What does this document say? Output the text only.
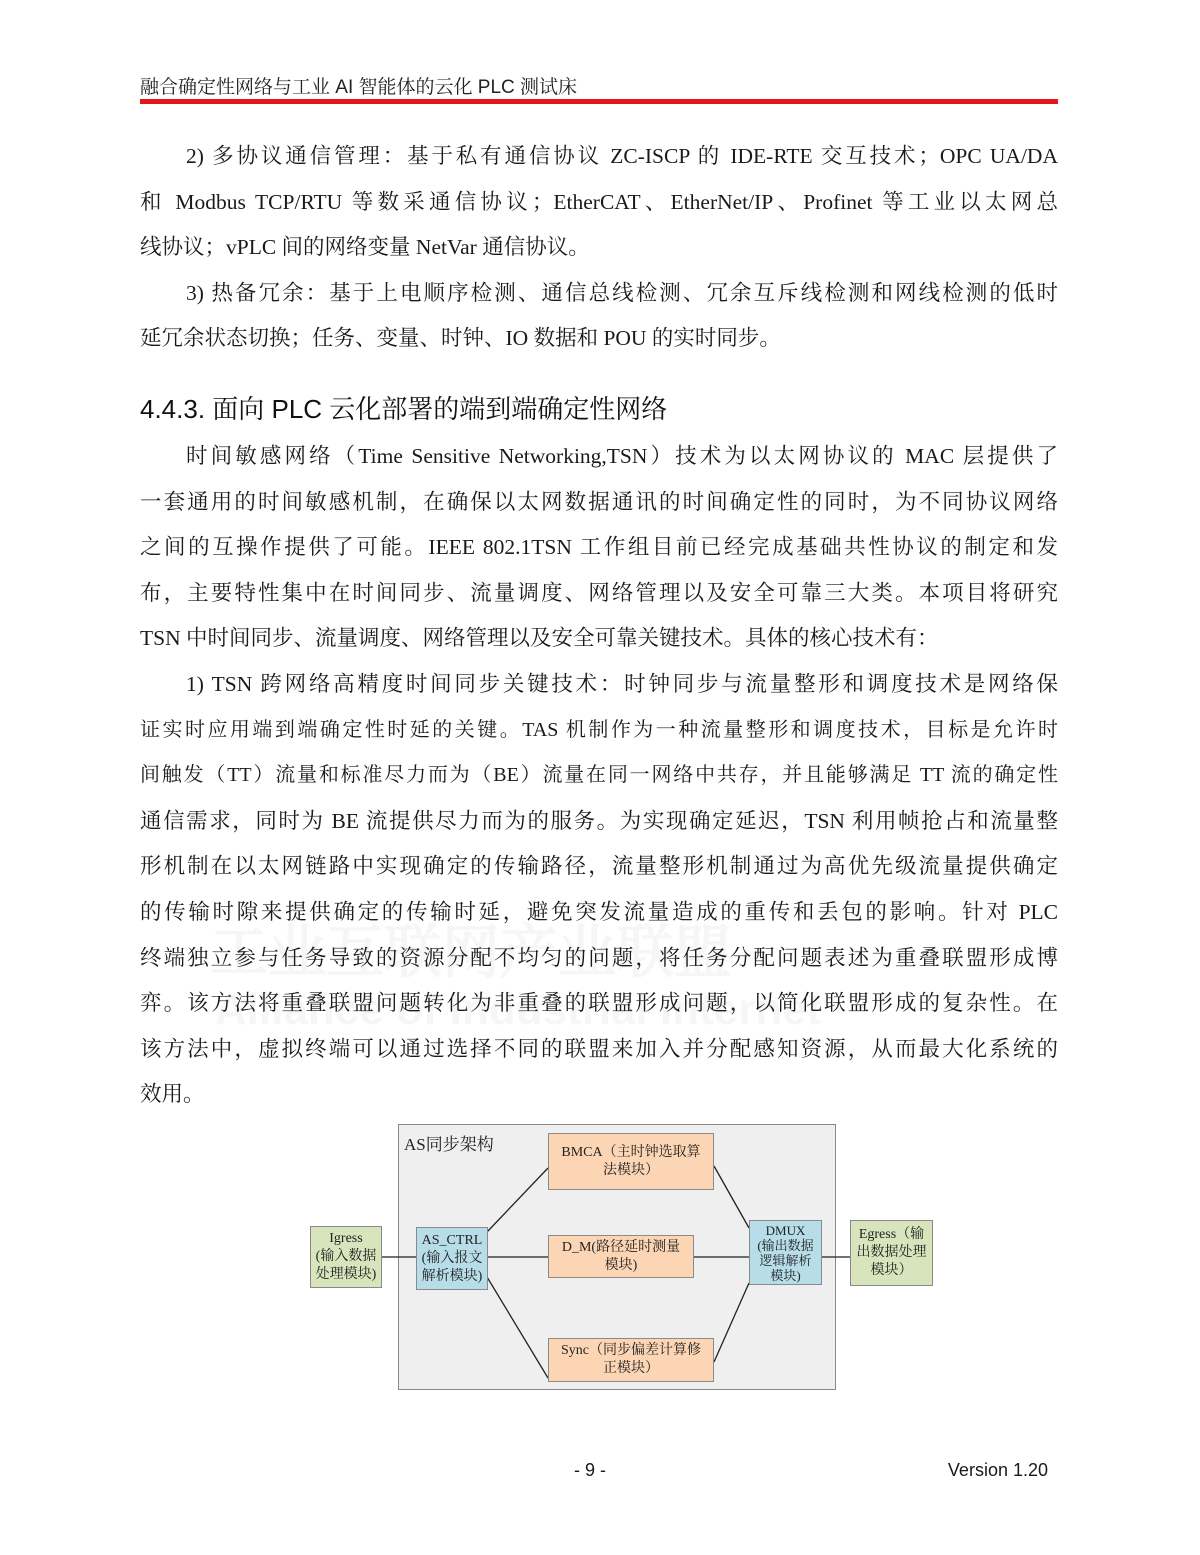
融合确定性网络与工业 AI 智能体的云化 PLC 测试床
2) 多协议通信管理：基于私有通信协议 ZC-ISCP 的 IDE-RTE 交互技术；OPC UA/DA
和 Modbus TCP/RTU 等数采通信协议；EtherCAT、EtherNet/IP、Profinet 等工业以太网总
线协议；vPLC 间的网络变量 NetVar 通信协议。
3) 热备冗余：基于上电顺序检测、通信总线检测、冗余互斥线检测和网线检测的低时
延冗余状态切换；任务、变量、时钟、IO 数据和 POU 的实时同步。
4.4.3. 面向 PLC 云化部署的端到端确定性网络
时间敏感网络（Time Sensitive Networking,TSN）技术为以太网协议的 MAC 层提供了
一套通用的时间敏感机制，在确保以太网数据通讯的时间确定性的同时，为不同协议网络
之间的互操作提供了可能。IEEE 802.1TSN 工作组目前已经完成基础共性协议的制定和发
布，主要特性集中在时间同步、流量调度、网络管理以及安全可靠三大类。本项目将研究
TSN 中时间同步、流量调度、网络管理以及安全可靠关键技术。具体的核心技术有：
1) TSN 跨网络高精度时间同步关键技术：时钟同步与流量整形和调度技术是网络保
证实时应用端到端确定性时延的关键。TAS 机制作为一种流量整形和调度技术，目标是允许时
间触发（TT）流量和标准尽力而为（BE）流量在同一网络中共存，并且能够满足 TT 流的确定性
通信需求，同时为 BE 流提供尽力而为的服务。为实现确定延迟，TSN 利用帧抢占和流量整
形机制在以太网链路中实现确定的传输路径，流量整形机制通过为高优先级流量提供确定
的传输时隙来提供确定的传输时延，避免突发流量造成的重传和丢包的影响。针对 PLC
终端独立参与任务导致的资源分配不均匀的问题，将任务分配问题表述为重叠联盟形成博
弈。该方法将重叠联盟问题转化为非重叠的联盟形成问题，以简化联盟形成的复杂性。在
该方法中，虚拟终端可以通过选择不同的联盟来加入并分配感知资源，从而最大化系统的
效用。
AS同步架构
Igress
(输入数据
处理模块)
AS_CTRL
(输入报文
解析模块)
BMCA（主时钟选取算
法模块）
D_M(路径延时测量
模块)
Sync（同步偏差计算修
正模块）
DMUX
(输出数据
逻辑解析
模块)
Egress（输
出数据处理
模块）
- 9 -	Version 1.20
